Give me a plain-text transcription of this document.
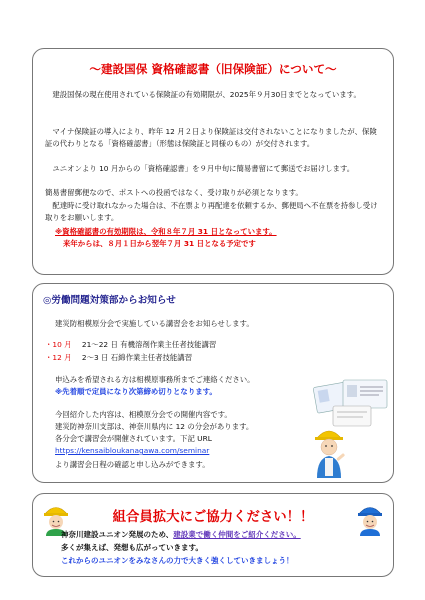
～建設国保 資格確認書（旧保険証）について～
建設国保の現在使用されている保険証の有効期限が、2025年９月30日までとなっています。
マイナ保険証の導入により、昨年 12 月２日より保険証は交付されないことになりましたが、保険証の代わりとなる「資格確認書」（形態は保険証と同様のもの）が交付されます。
ユニオンより 10 月からの「資格確認書」を９月中旬に簡易書留にて郵送でお届けします。
簡易書留郵便なので、ポストへの投函ではなく、受け取りが必須となります。
配達時に受け取れなかった場合は、不在票より再配達を依頼するか、郵便局へ不在票を持参し受け取りをお願いします。
※資格確認書の有効期限は、令和８年７月 31 日となっています。
来年からは、８月１日から翌年７月 31 日となる予定です
◎労働問題対策部からお知らせ
建災防相模原分会で実施している講習会をお知らせします。
・10 月 21～22 日 有機溶剤作業主任者技能講習
・12 月 2～3 日 石綿作業主任者技能講習
申込みを希望される方は相模原事務所までご連絡ください。
※先着順で定員になり次第締め切りとなります。
今回紹介した内容は、相模原分会での開催内容です。
建災防神奈川支部は、神奈川県内に 12 の分会があります。
各分会で講習会が開催されています。下記 URL
https://kensaibloukanagawa.com/seminar
より講習会日程の確認と申し込みができます。
組合員拡大にご協力ください！！
神奈川建設ユニオン発展のため、建設業で働く仲間をご紹介ください。
多くが集えば、発想も広がっていきます。
これからのユニオンをみなさんの力で大きく強くしていきましょう！
